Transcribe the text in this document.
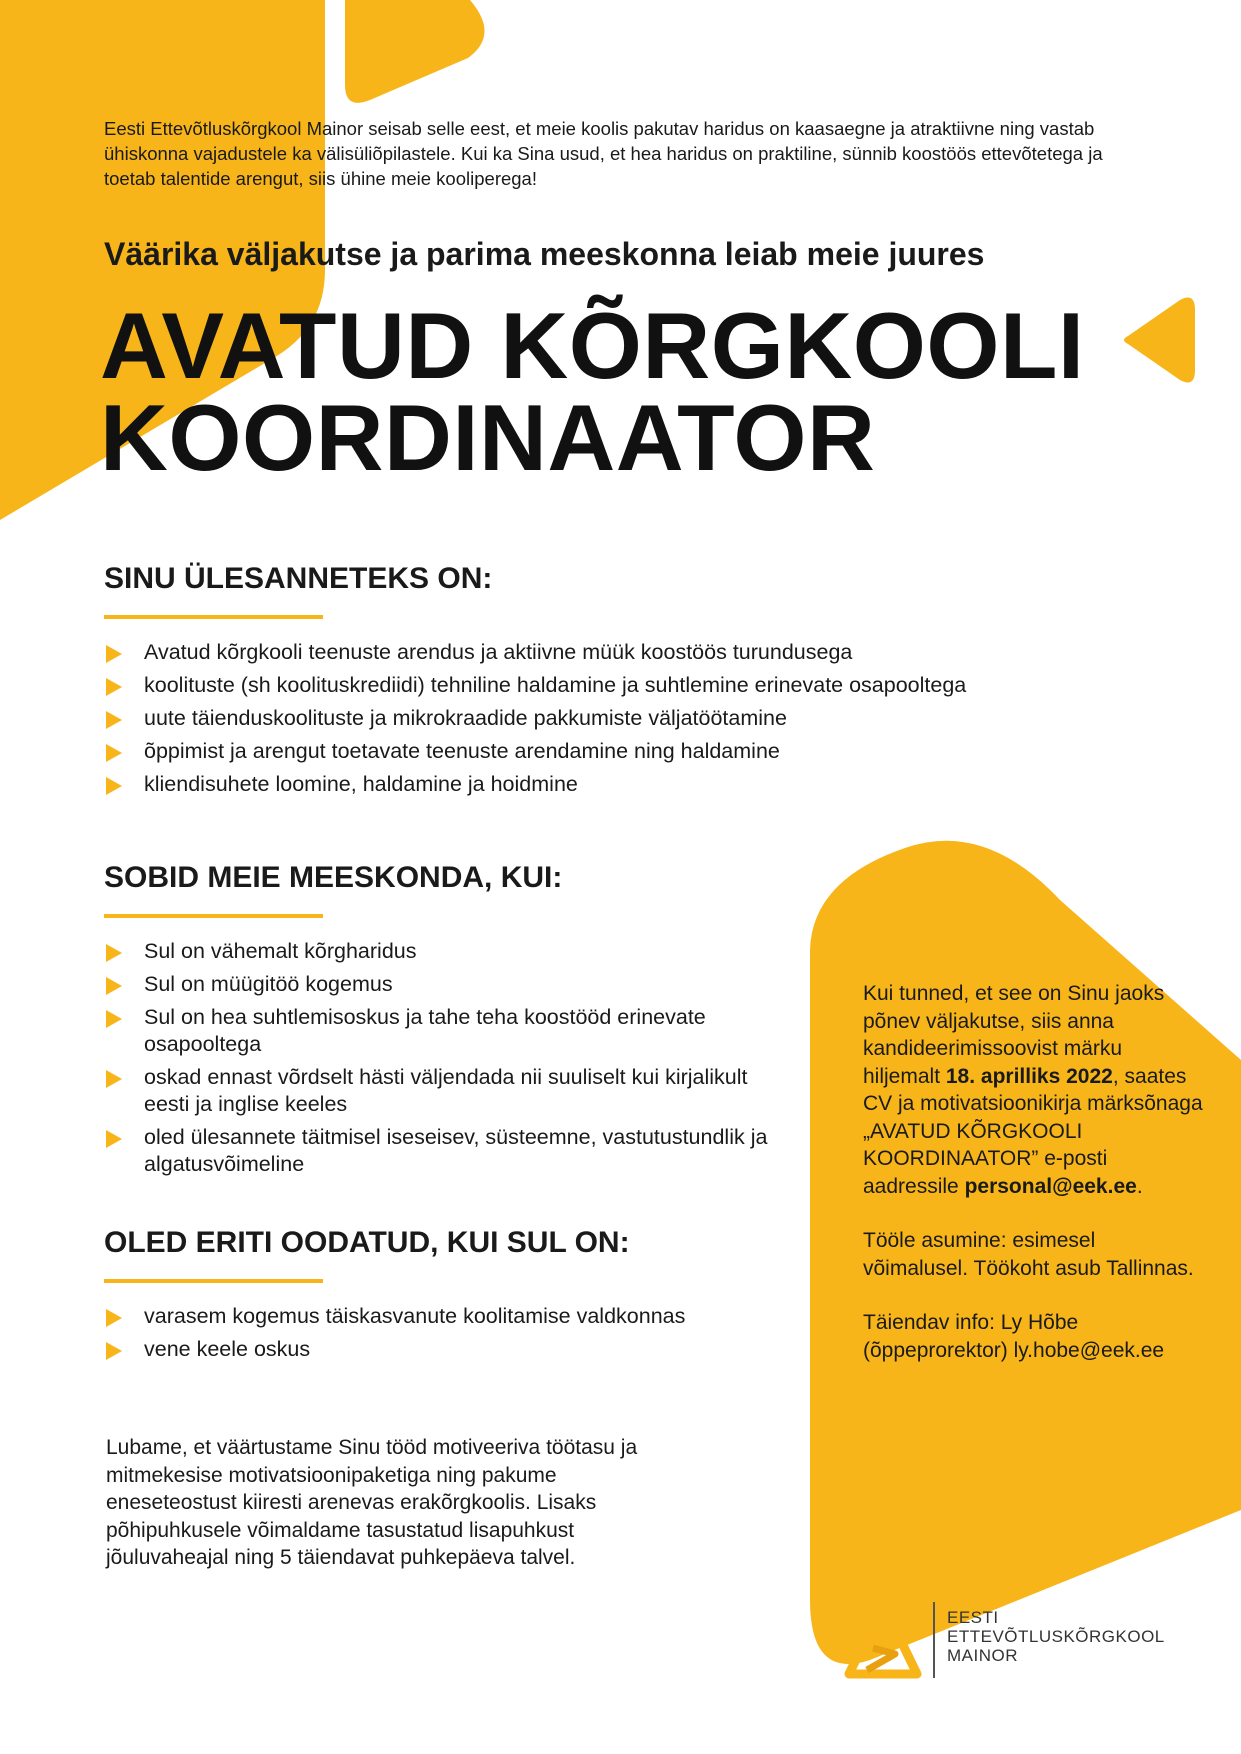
Eesti Ettevõtluskõrgkool Mainor seisab selle eest, et meie koolis pakutav haridus on kaasaegne ja atraktiivne ning vastab ühiskonna vajadustele ka välisüliõpilastele. Kui ka Sina usud, et hea haridus on praktiline, sünnib koostöös ettevõtetega ja toetab talentide arengut, siis ühine meie kooliperega!

Väärika väljakutse ja parima meeskonna leiab meie juures
AVATUD KÕRGKOOLI
KOORDINAATOR
SINU ÜLESANNETEKS ON:
Avatud kõrgkooli teenuste arendus ja aktiivne müük koostöös turundusega
koolituste (sh koolituskrediidi) tehniline haldamine ja suhtlemine erinevate osapooltega
uute täienduskoolituste ja mikrokraadide pakkumiste väljatöötamine
õppimist ja arengut toetavate teenuste arendamine ning haldamine
kliendisuhete loomine, haldamine ja hoidmine
SOBID MEIE MEESKONDA, KUI:
Sul on vähemalt kõrgharidus
Sul on müügitöö kogemus
Sul on hea suhtlemisoskus ja tahe teha koostööd erinevate osapooltega
oskad ennast võrdselt hästi väljendada nii suuliselt kui kirjalikult eesti ja inglise keeles
oled ülesannete täitmisel iseseisev, süsteemne, vastutustundlik ja algatusvõimeline
OLED ERITI OODATUD, KUI SUL ON:
varasem kogemus täiskasvanute koolitamise valdkonnas
vene keele oskus

Lubame, et väärtustame Sinu tööd motiveeriva töötasu ja mitmekesise motivatsioonipaketiga ning pakume eneseteostust kiiresti arenevas erakõrgkoolis. Lisaks põhipuhkusele võimaldame tasustatud lisapuhkust jõuluvaheajal ning 5 täiendavat puhkepäeva talvel.

Kui tunned, et see on Sinu jaoks põnev väljakutse, siis anna kandideerimissoovist märku hiljemalt 18. aprilliks 2022, saates CV ja motivatsioonikirja märksõnaga „AVATUD KÕRGKOOLI KOORDINAATOR” e-posti aadressile personal@eek.ee.

Tööle asumine: esimesel võimalusel. Töökoht asub Tallinnas.

Täiendav info: Ly Hõbe (õppeprorektor) ly.hobe@eek.ee

EESTI
ETTEVÕTLUSKÕRGKOOL
MAINOR
